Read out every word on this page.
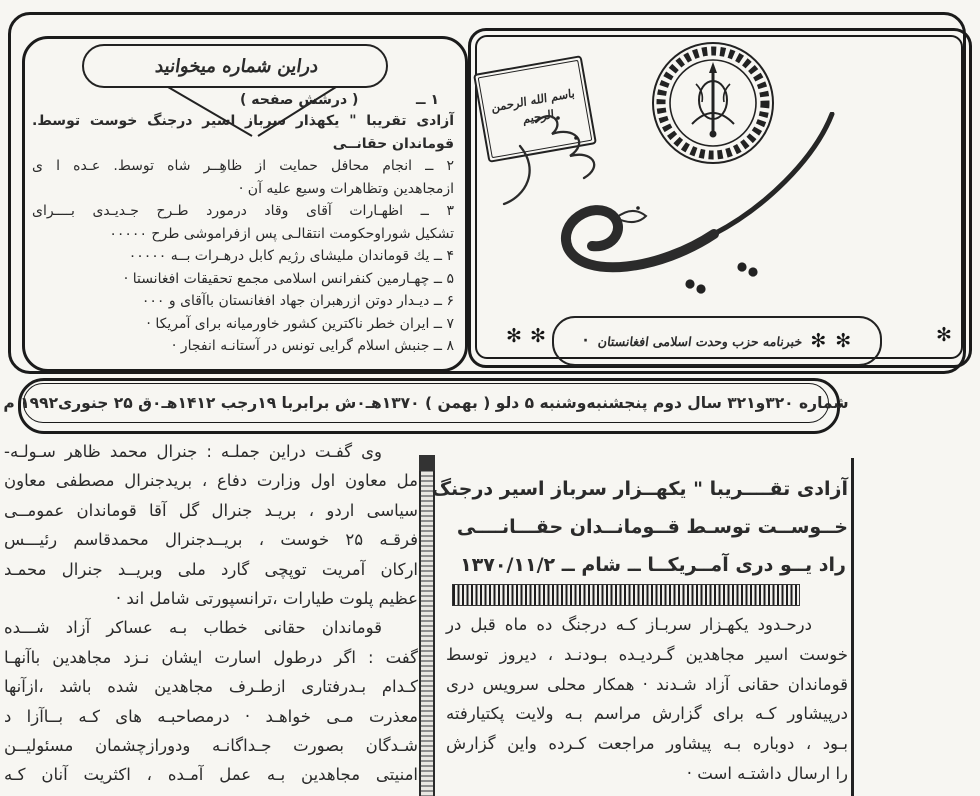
دراین شماره میخوانید
( درشش صفحه )	۱ ــ
آزادی تقریبا " یکهذار سرباز اسیر درجنگ خوست توسط.
قوماندان حقانــی
۲ ــ انجام محافل حمایت از ظاهِــر شاه توسط. عـده ا ی
ازمجاهدین وتظاهرات وسیع علیه آن ·
۳ ــ اظهـارات آقای وقاد درمورد طـرح جـدیـدی بــــرای
تشکیل شوراوحکومت انتقالـی پس ازفراموشی طرح ۰۰۰۰۰
۴ ــ یك قوماندان ملیشای رژیم کابل درهـرات بــه ۰۰۰۰۰
۵ ــ چهـارمین کنفرانس اسلامی مجمع تحقیقات افغانستا ·
۶ ــ دیـدار دوتن ازرهبران جهاد افغانستان باآقای و ۰۰۰
۷ ــ ایران خطر ناکترین کشور خاورمیانه برای آمریکا ·
۸ ــ جنبش اسلام گرایی تونس در آستانـه انفجار ·
باسم الله الرحمن الرحیم
✻ ✻	✻
✻
خبرنامه حزب وحدت اسلامی افغانستان
·	✻
شماره ۳۲۰و۳۲۱ سال دوم پنجشنبه‌وشنبه ۵ دلو ( بهمن ) ۱۳۷۰هـ۰ش برابربا ۱۹رجب ۱۴۱۲هـ۰ق ۲۵ جنوری۱۹۹۲ م
وی گفـت دراین جملـه : جنرال محمد ظاهر سـولـه-
مل معاون اول وزارت دفاع ، بریدجنرال مصطفی معاون
سیاسی اردو ، بریـد جنرال گل آقا قوماندان عمومــی
فرقـه ۲۵ خوست ، بریــدجنرال محمدقاسم رئیـــس
ارکان آمریت توپچی گارد ملی وبریــد جنرال محمـد
عظیم پلوت طیارات ،ترانسپورتی شامل اند ·
قوماندان حقانی خطاب بـه عساکر آزاد شـــده
گفت : اگر درطول اسارت ایشان نـزد مجاهدین باآنهـا
کـدام بـدرفتاری ازطـرف مجاهدین شده باشد ،ازآنها
معذرت مـی خواهـد · درمصاحبـه های کـه بــاآزا د
شـدگان بصورت جـداگانـه ودورازچشمان مسئولیــن
امنیتی مجاهدین بـه عمل آمـده ، اکثریت آنان کـه
آزادی تقــــریبا " یکهــزار سرباز اسیر درجنگ
خــوســت توسـط قــومانــدان حقـــانــــی
راد یــو دری آمــریکــا ــ شام ــ ۱۳۷۰/۱۱/۲
درحـدود یکهـزار سربـاز کـه درجنگ ده ماه قبل در
خوست اسیر مجاهدین گـردیـده بـودنـد ، دیروز توسط
قوماندان حقانی آزاد شـدند · همکار محلی سرویس دری
درپیشاور کـه برای گزارش مراسم بـه ولایت پکتیارفته
بـود ، دوباره بـه پیشاور مراجعت کـرده واین گزارش
را ارسال داشتـه است ·
